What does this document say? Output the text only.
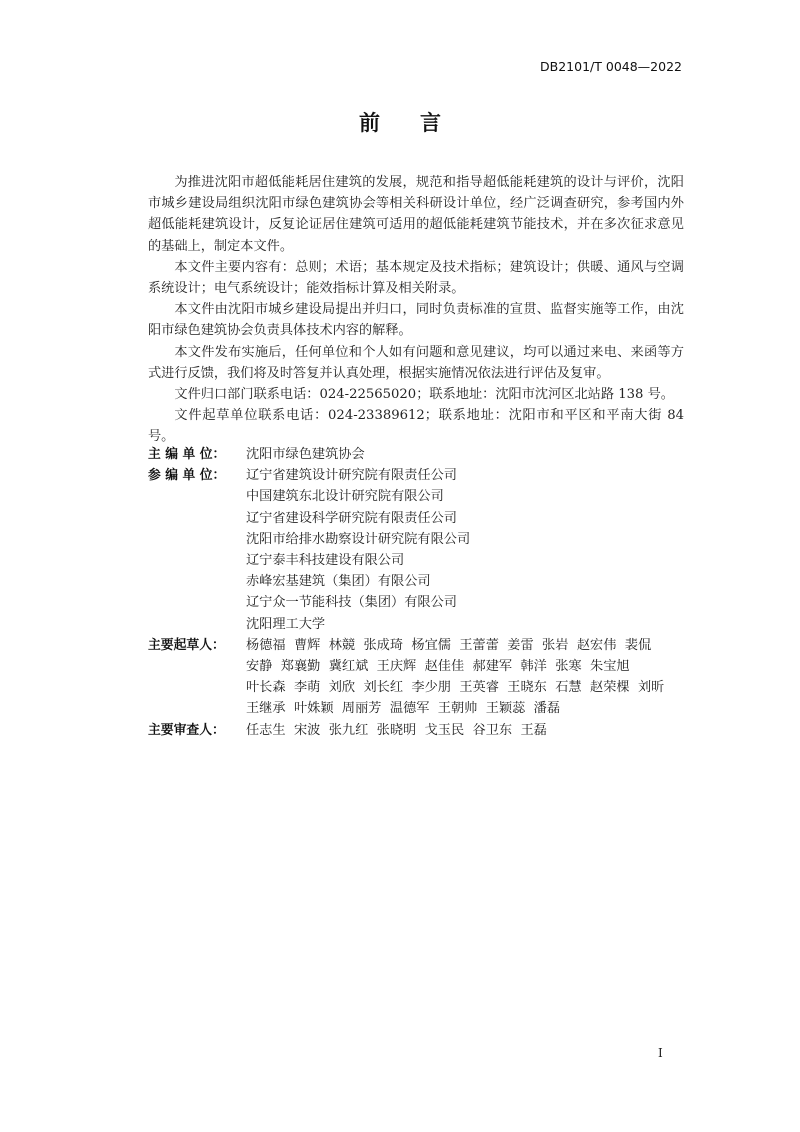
DB2101/T 0048—2022
前言

为推进沈阳市超低能耗居住建筑的发展，规范和指导超低能耗建筑的设计与评价，沈阳市城乡建设局组织沈阳市绿色建筑协会等相关科研设计单位，经广泛调查研究，参考国内外超低能耗建筑设计，反复论证居住建筑可适用的超低能耗建筑节能技术，并在多次征求意见的基础上，制定本文件。

本文件主要内容有：总则；术语；基本规定及技术指标；建筑设计；供暖、通风与空调系统设计；电气系统设计；能效指标计算及相关附录。

本文件由沈阳市城乡建设局提出并归口，同时负责标准的宣贯、监督实施等工作，由沈阳市绿色建筑协会负责具体技术内容的解释。

本文件发布实施后，任何单位和个人如有问题和意见建议，均可以通过来电、来函等方式进行反馈，我们将及时答复并认真处理，根据实施情况依法进行评估及复审。

文件归口部门联系电话：024-22565020；联系地址：沈阳市沈河区北站路 138 号。

文件起草单位联系电话：024-23389612；联系地址：沈阳市和平区和平南大街 84 号。

主 编 单 位：	沈阳市绿色建筑协会
参 编 单 位：	辽宁省建筑设计研究院有限责任公司
中国建筑东北设计研究院有限公司
辽宁省建设科学研究院有限责任公司
沈阳市给排水勘察设计研究院有限公司
辽宁泰丰科技建设有限公司
赤峰宏基建筑（集团）有限公司
辽宁众一节能科技（集团）有限公司
沈阳理工大学
主要起草人：	杨德福  曹辉  林競  张成琦  杨宜儒  王蕾蕾  姜雷  张岩  赵宏伟  裴侃
安静  郑襄勤  冀红斌  王庆辉  赵佳佳  郝建军  韩洋  张寒  朱宝旭
叶长森  李萌  刘欣  刘长红  李少朋  王英睿  王晓东  石慧  赵荣棵  刘昕
王继承  叶姝颖  周丽芳  温德军  王朝帅  王颖蕊  潘磊
主要审查人：	任志生  宋波  张九红  张晓明  戈玉民  谷卫东  王磊
I
